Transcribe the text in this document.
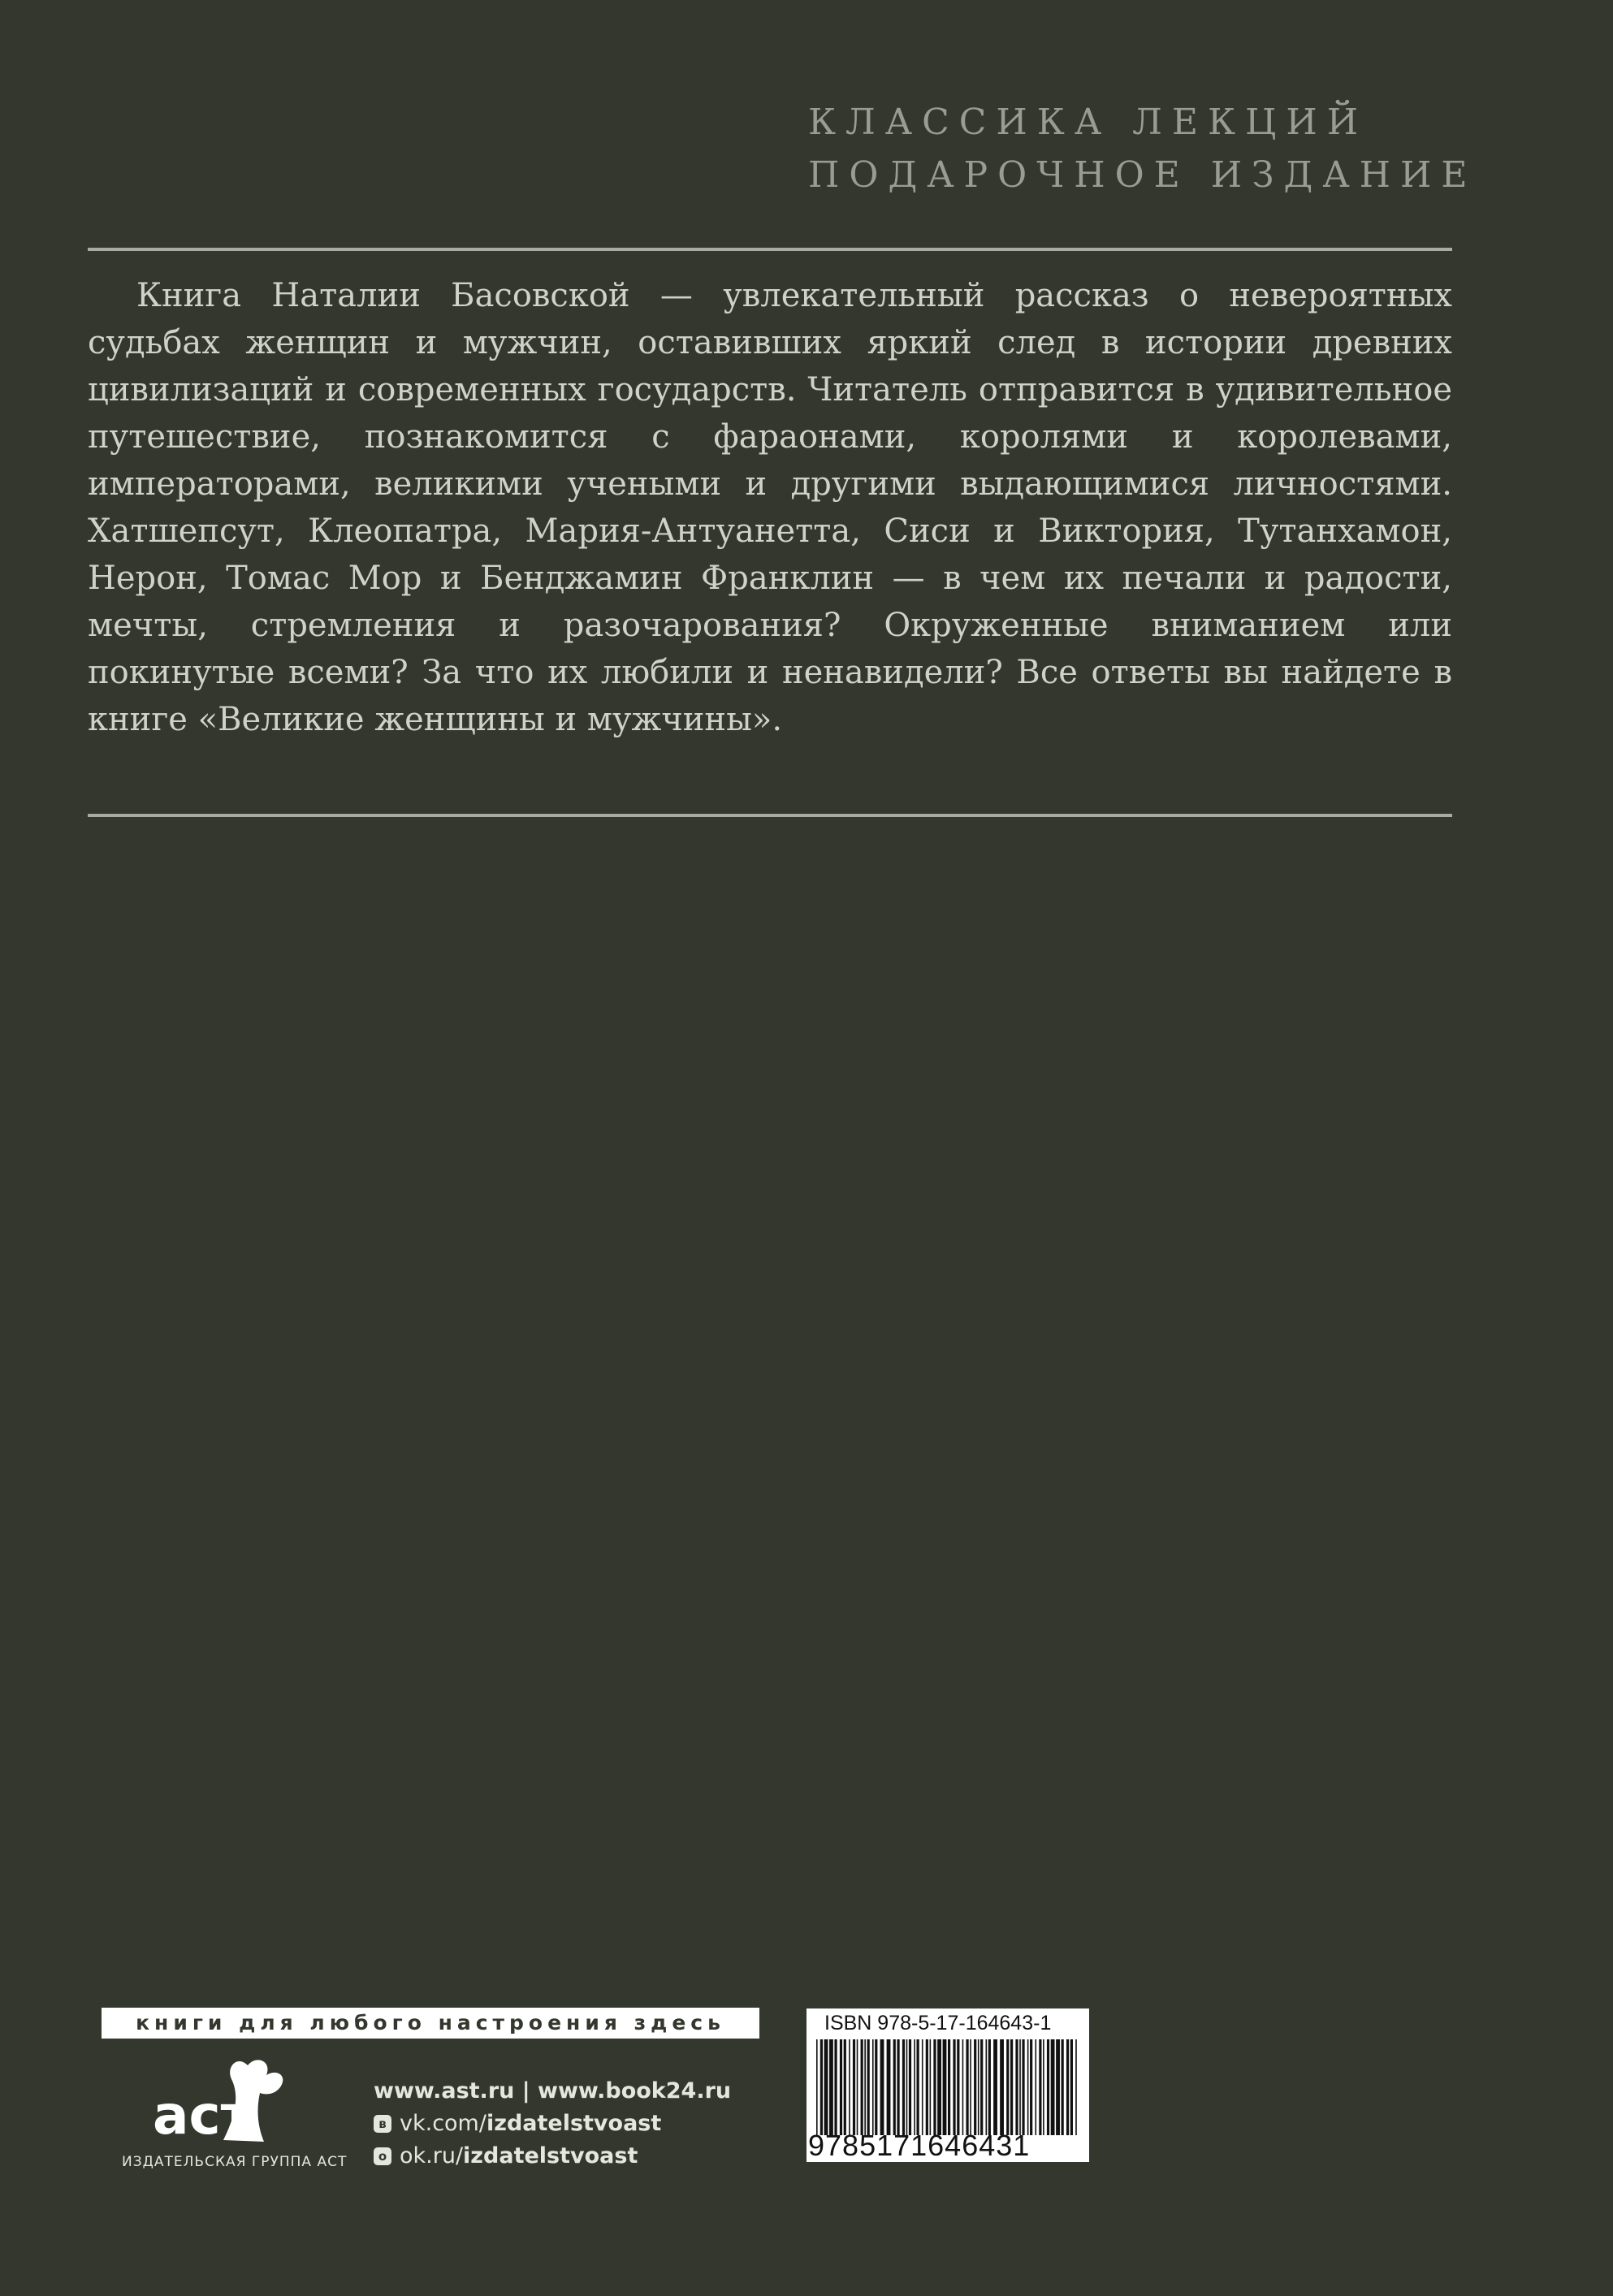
КЛАССИКА ЛЕКЦИЙ
ПОДАРОЧНОЕ ИЗДАНИЕ

Книга Наталии Басовской — увлекательный рассказ о невероятных судьбах женщин и мужчин, оставивших яркий след в истории древних цивилизаций и современных государств. Читатель отправится в удивительное путешествие, познакомится с фараонами, королями и королевами, императорами, великими учеными и другими выдающимися личностями. Хатшепсут, Клеопатра, Мария-Антуанетта, Сиси и Виктория, Тутанхамон, Нерон, Томас Мор и Бенджамин Франклин — в чем их печали и радости, мечты, стремления и разочарования? Окруженные вниманием или покинутые всеми? За что их любили и ненавидели? Все ответы вы найдете в книге «Великие женщины и мужчины».

книги для любого настроения здесь
аст
ИЗДАТЕЛЬСКАЯ ГРУППА АСТ
www.ast.ru | www.book24.ru
в vk.com/ izdatelstvoast
о ok.ru/ izdatelstvoast
ISBN 978-5-17-164643-1
9785171646431
